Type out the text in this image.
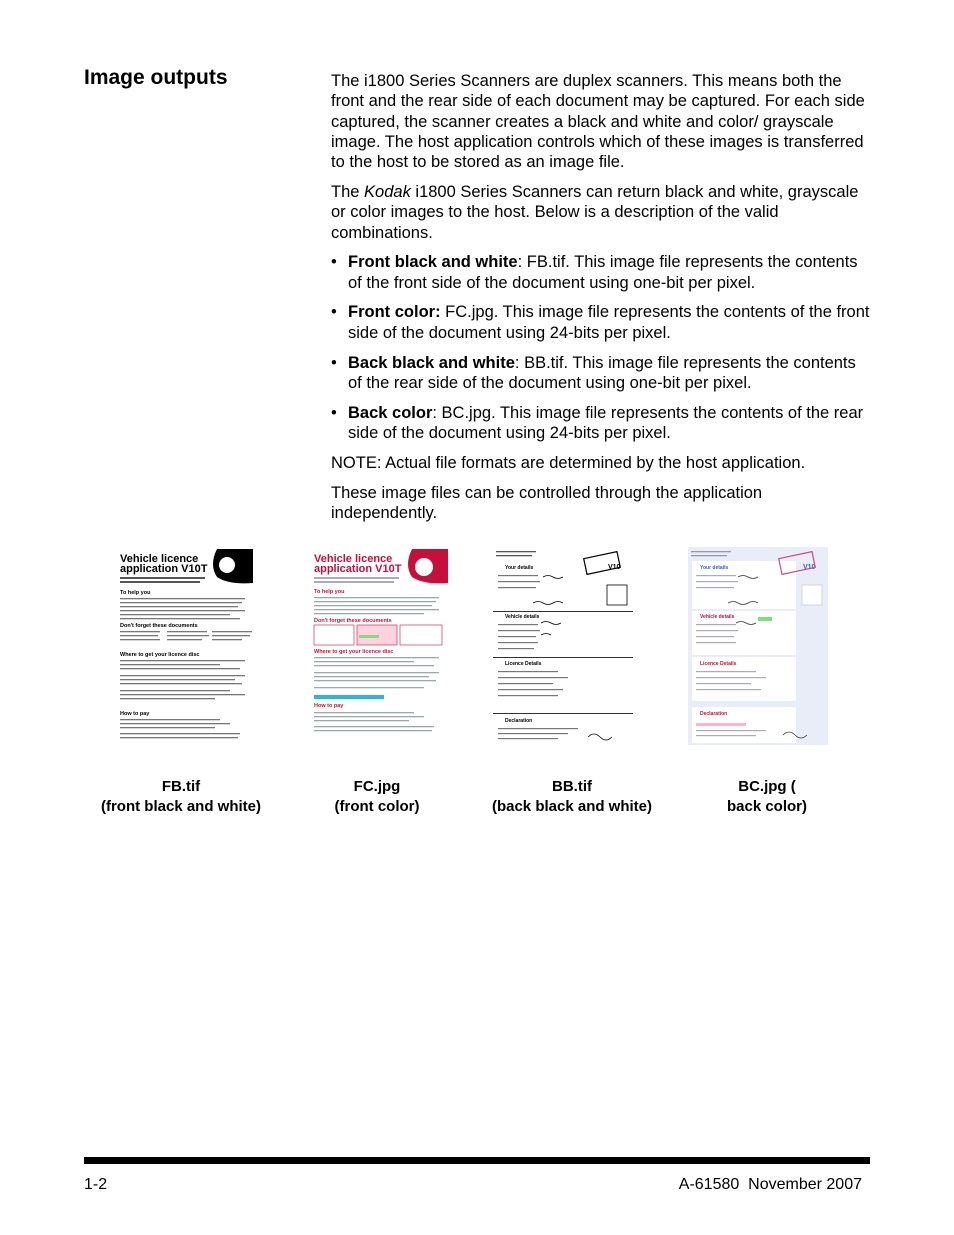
Image outputs	The i1800 Series Scanners are duplex scanners. This means both the front and the rear side of each document may be captured. For each side captured, the scanner creates a black and white and color/ grayscale image. The host application controls which of these images is transferred to the host to be stored as an image file.

The Kodak i1800 Series Scanners can return black and white, grayscale or color images to the host. Below is a description of the valid combinations.

• Front black and white: FB.tif. This image file represents the contents of the front side of the document using one-bit per pixel.
• Front color: FC.jpg. This image file represents the contents of the front side of the document using 24-bits per pixel.
• Back black and white: BB.tif. This image file represents the contents of the rear side of the document using one-bit per pixel.
• Back color: BC.jpg. This image file represents the contents of the rear side of the document using 24-bits per pixel.

NOTE: Actual file formats are determined by the host application.

These image files can be controlled through the application independently.

Vehicle licence
application V10T
To help you
Don't forget these documents
Where to get your licence disc
How to pay
Vehicle licence
application V10T
To help you
Don't forget these documents
Where to get your licence disc
How to pay
V10
Your details
Vehicle details
Licence Details
Declaration
V10
Your details
Vehicle details
Licence Details
Declaration
FB.tif
(front black and white)
FC.jpg
(front color)
BB.tif
(back black and white)
BC.jpg (
back color)
1-2	A-61580  November 2007
